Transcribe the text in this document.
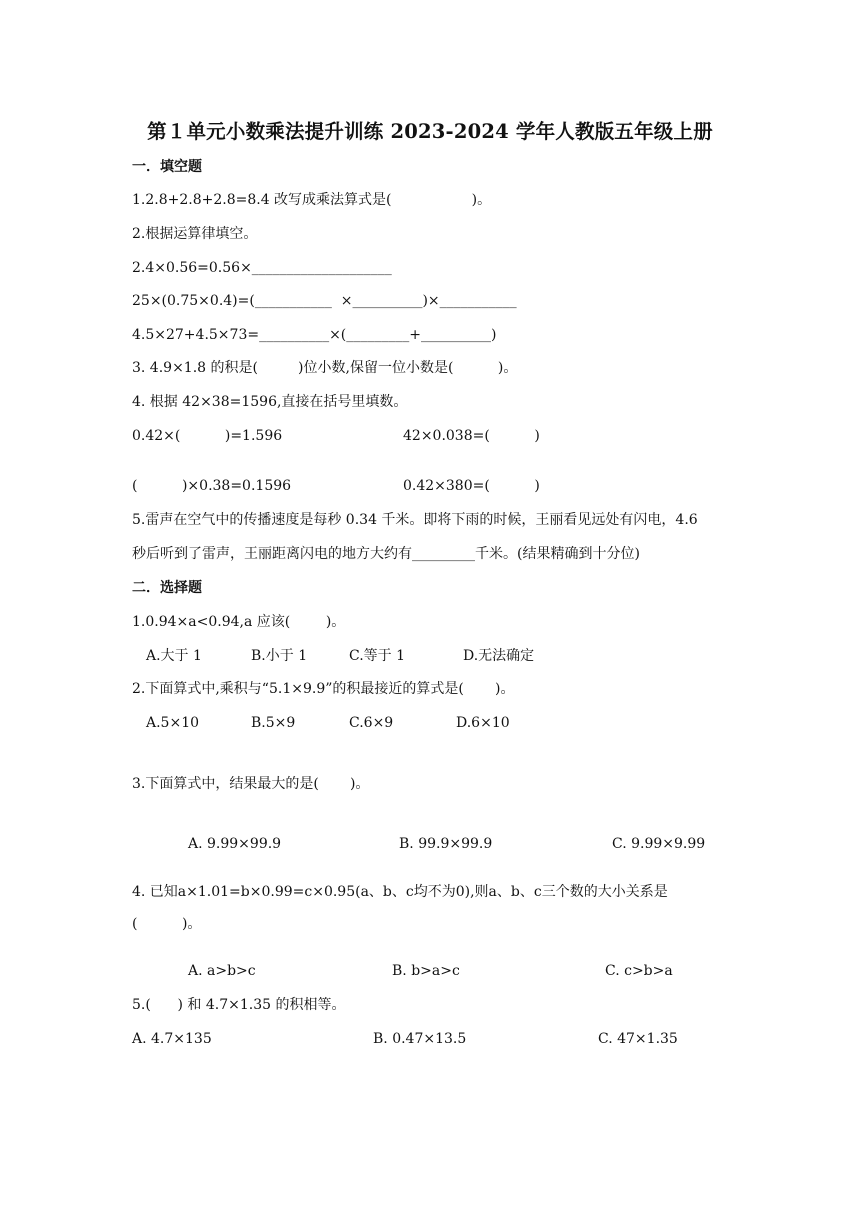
第１单元小数乘法提升训练 2023-2024 学年人教版五年级上册
一．填空题
1.2.8+2.8+2.8=8.4 改写成乘法算式是(                  )。
2.根据运算律填空。
2.4×0.56=0.56×____________________
25×(0.75×0.4)=(___________  ×__________)×___________
4.5×27+4.5×73=__________×(_________+__________)
3. 4.9×1.8 的积是(         )位小数,保留一位小数是(          )。
4. 根据 42×38=1596,直接在括号里填数。
0.42×(          )=1.596	42×0.038=(          )
(          )×0.38=0.1596	0.42×380=(          )
5.雷声在空气中的传播速度是每秒 0.34 千米。即将下雨的时候，王丽看见远处有闪电，4.6
秒后听到了雷声，王丽距离闪电的地方大约有_________千米。(结果精确到十分位)
二．选择题
1.0.94×a<0.94,a 应该(        )。
A.大于 1	B.小于 1	C.等于 1	D.无法确定
2.下面算式中,乘积与“5.1×9.9”的积最接近的算式是(       )。
A.5×10	B.5×9	C.6×9	D.6×10
3.下面算式中，结果最大的是(       )。
A. 9.99×99.9	B. 99.9×99.9	C. 9.99×9.99
4. 已知a×1.01=b×0.99=c×0.95(a、b、c均不为0),则a、b、c三个数的大小关系是
(          )。
A. a>b>c	B. b>a>c	C. c>b>a
5.(      ) 和 4.7×1.35 的积相等。
A. 4.7×135	B. 0.47×13.5	C. 47×1.35
